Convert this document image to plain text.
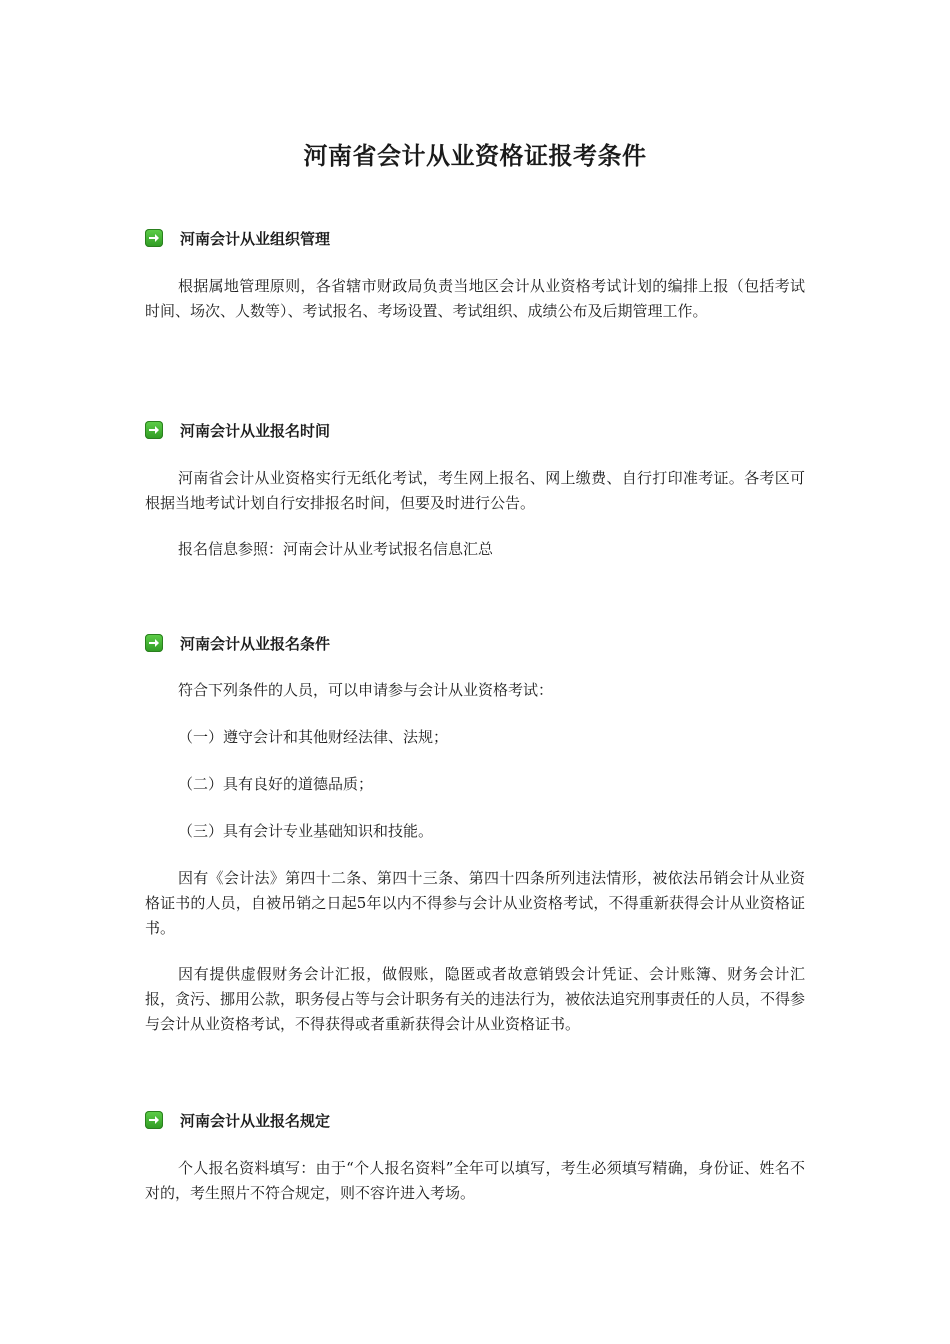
河南省会计从业资格证报考条件
河南会计从业组织管理

根据属地管理原则，各省辖市财政局负责当地区会计从业资格考试计划的编排上报（包括考试时间、场次、人数等）、考试报名、考场设置、考试组织、成绩公布及后期管理工作。

河南会计从业报名时间

河南省会计从业资格实行无纸化考试，考生网上报名、网上缴费、自行打印准考证。各考区可根据当地考试计划自行安排报名时间，但要及时进行公告。

报名信息参照：河南会计从业考试报名信息汇总

河南会计从业报名条件

符合下列条件的人员，可以申请参与会计从业资格考试：

（一）遵守会计和其他财经法律、法规；

（二）具有良好的道德品质；

（三）具有会计专业基础知识和技能。

因有《会计法》第四十二条、第四十三条、第四十四条所列违法情形，被依法吊销会计从业资格证书的人员，自被吊销之日起5年以内不得参与会计从业资格考试，不得重新获得会计从业资格证书。

因有提供虚假财务会计汇报，做假账，隐匿或者故意销毁会计凭证、会计账簿、财务会计汇报，贪污、挪用公款，职务侵占等与会计职务有关的违法行为，被依法追究刑事责任的人员，不得参与会计从业资格考试，不得获得或者重新获得会计从业资格证书。

河南会计从业报名规定

个人报名资料填写：由于“个人报名资料”全年可以填写，考生必须填写精确，身份证、姓名不对的，考生照片不符合规定，则不容许进入考场。
